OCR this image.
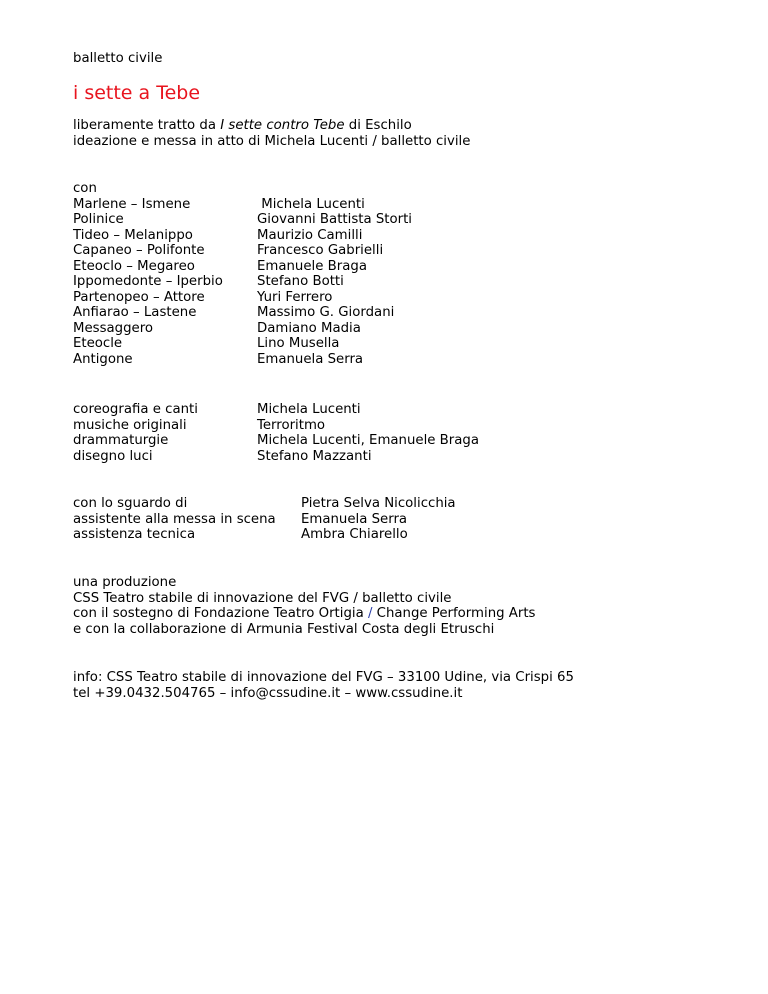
balletto civile
i sette a Tebe
liberamente tratto da I sette contro Tebe di Eschilo
ideazione e messa in atto di Michela Lucenti / balletto civile
con
Marlene – Ismene	Michela Lucenti
Polinice	Giovanni Battista Storti
Tideo – Melanippo	Maurizio Camilli
Capaneo – Polifonte	Francesco Gabrielli
Eteoclo – Megareo	Emanuele Braga
Ippomedonte – Iperbio	Stefano Botti
Partenopeo – Attore	Yuri Ferrero
Anfiarao – Lastene	Massimo G. Giordani
Messaggero	Damiano Madia
Eteocle	Lino Musella
Antigone	Emanuela Serra
coreografia e canti	Michela Lucenti
musiche originali	Terroritmo
drammaturgie	Michela Lucenti, Emanuele Braga
disegno luci	Stefano Mazzanti
con lo sguardo di	Pietra Selva Nicolicchia
assistente alla messa in scena	Emanuela Serra
assistenza tecnica	Ambra Chiarello
una produzione
CSS Teatro stabile di innovazione del FVG / balletto civile
con il sostegno di Fondazione Teatro Ortigia / Change Performing Arts
e con la collaborazione di Armunia Festival Costa degli Etruschi
info: CSS Teatro stabile di innovazione del FVG – 33100 Udine, via Crispi 65
tel +39.0432.504765 – info@cssudine.it – www.cssudine.it
